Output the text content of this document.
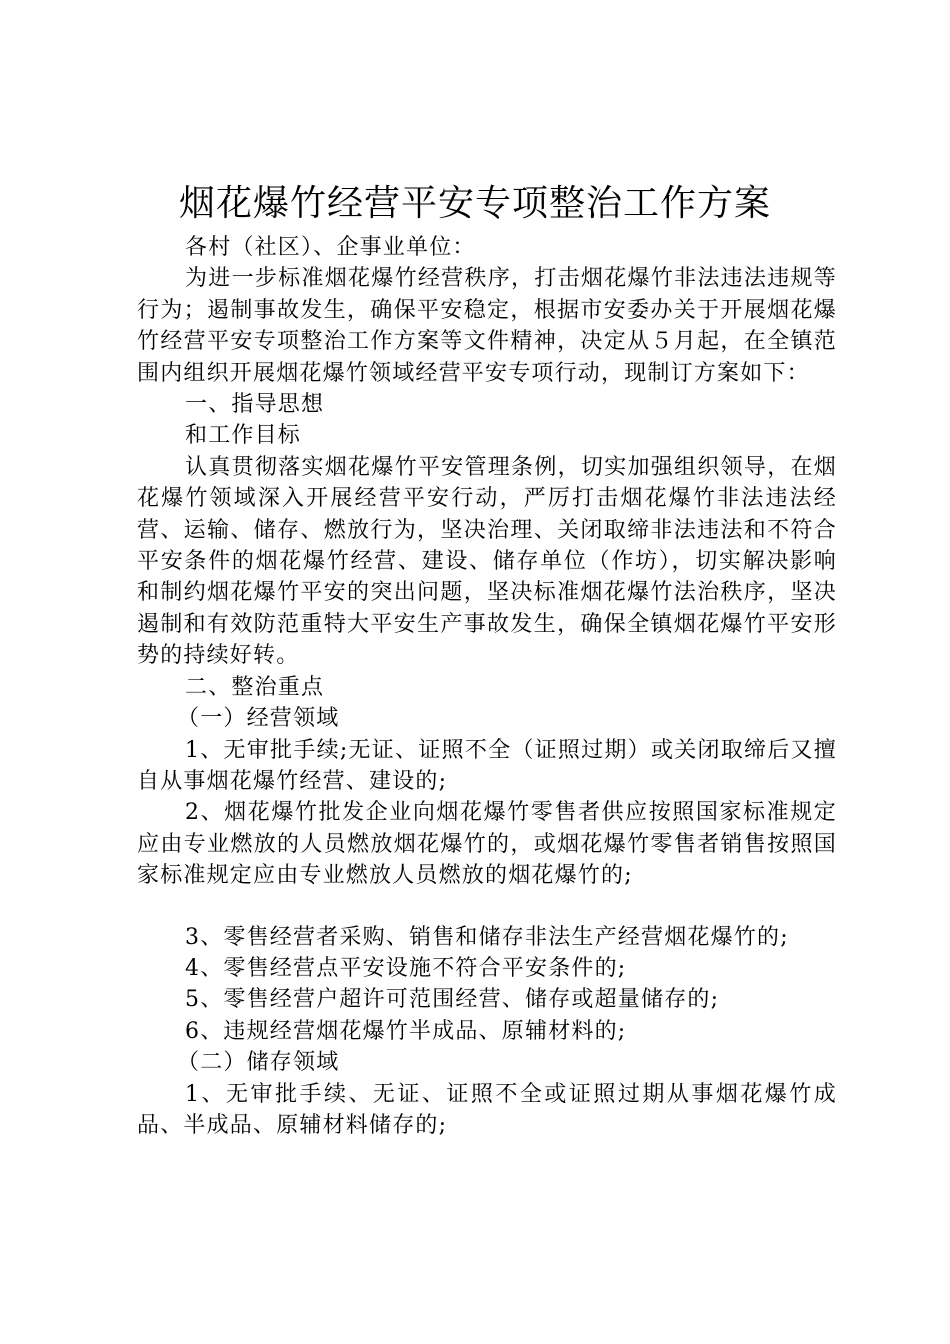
烟花爆竹经营平安专项整治工作方案

各村（社区）、企事业单位：

为进一步标准烟花爆竹经营秩序，打击烟花爆竹非法违法违规等行为；遏制事故发生，确保平安稳定，根据市安委办关于开展烟花爆竹经营平安专项整治工作方案等文件精神，决定从５月起，在全镇范围内组织开展烟花爆竹领域经营平安专项行动，现制订方案如下：

一、指导思想

和工作目标

认真贯彻落实烟花爆竹平安管理条例，切实加强组织领导，在烟花爆竹领域深入开展经营平安行动，严厉打击烟花爆竹非法违法经营、运输、储存、燃放行为，坚决治理、关闭取缔非法违法和不符合平安条件的烟花爆竹经营、建设、储存单位（作坊），切实解决影响和制约烟花爆竹平安的突出问题，坚决标准烟花爆竹法治秩序，坚决遏制和有效防范重特大平安生产事故发生，确保全镇烟花爆竹平安形势的持续好转。

二、整治重点

（一）经营领域

1、无审批手续;无证、证照不全（证照过期）或关闭取缔后又擅自从事烟花爆竹经营、建设的;

2、烟花爆竹批发企业向烟花爆竹零售者供应按照国家标准规定应由专业燃放的人员燃放烟花爆竹的，或烟花爆竹零售者销售按照国家标准规定应由专业燃放人员燃放的烟花爆竹的;

3、零售经营者采购、销售和储存非法生产经营烟花爆竹的;

4、零售经营点平安设施不符合平安条件的;

5、零售经营户超许可范围经营、储存或超量储存的;

6、违规经营烟花爆竹半成品、原辅材料的;

（二）储存领域

1、无审批手续、无证、证照不全或证照过期从事烟花爆竹成品、半成品、原辅材料储存的;
